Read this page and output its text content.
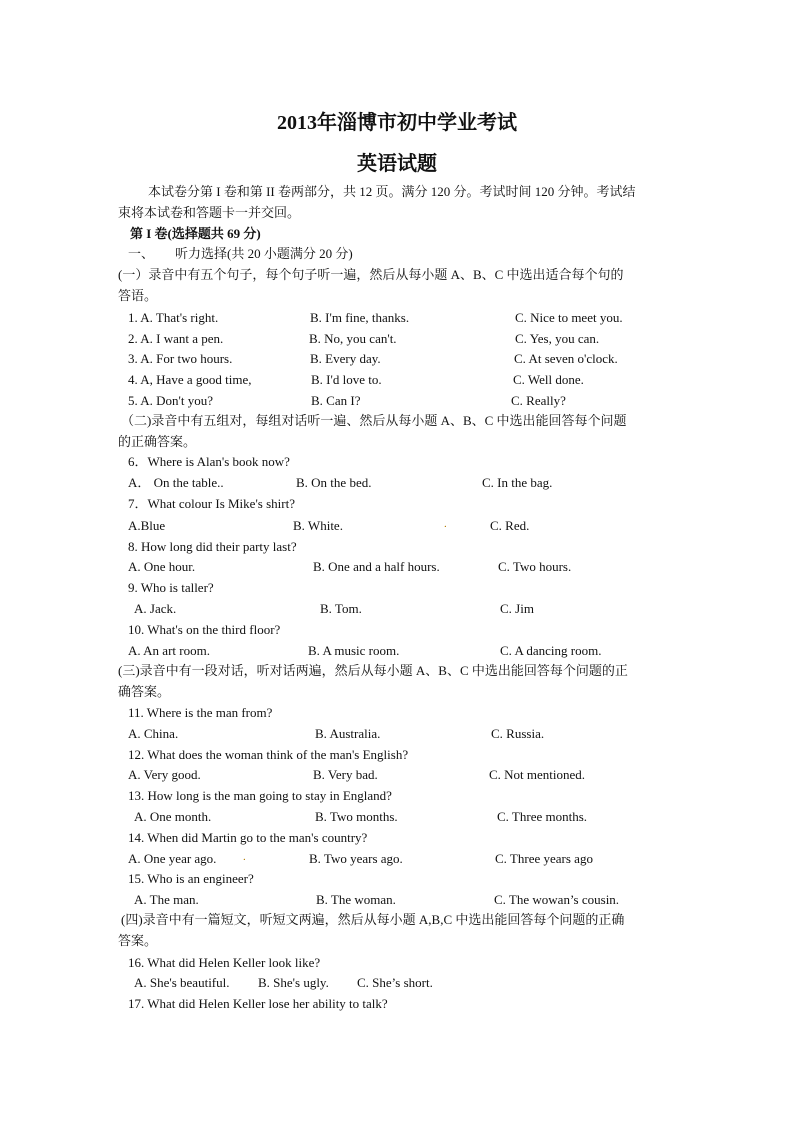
2013年淄博市初中学业考试
英语试题
本试卷分第 I 卷和第 II 卷两部分，共 12 页。满分 120 分。考试时间 120 分钟。考试结
束将本试卷和答题卡一并交回。
第 I 卷(选择题共 69 分)
一、 听力选择(共 20 小题满分 20 分)
(一）录音中有五个句子，每个句子听一遍，然后从每小题 A、B、C 中选出适合每个句的
答语。
1. A. That's right.	B. I'm fine, thanks.	C. Nice to meet you.
2. A. I want a pen.	B. No, you can't.	C. Yes, you can.
3. A. For two hours.	B. Every day.	C. At seven o'clock.
4. A, Have a good time,	B. I'd love to.	C. Well done.
5. A. Don't you?	B. Can I?	C. Really?
（二)录音中有五组对，每组对话听一遍、然后从每小题 A、B、C 中选出能回答每个问题
的正确答案。
6．Where is Alan's book now?
A． On the table..	B. On the bed.	C. In the bag.
7．What colour Is Mike's shirt?
A.Blue	B. White.	.	C. Red.
8. How long did their party last?
A. One hour.	B. One and a half hours.	C. Two hours.
9. Who is taller?
A. Jack.	B. Tom.	C. Jim
10. What's on the third floor?
A. An art room.	B. A music room.	C. A dancing room.
(三)录音中有一段对话，听对话两遍，然后从每小题 A、B、C 中选出能回答每个问题的正
确答案。
11. Where is the man from?
A. China.	B. Australia.	C. Russia.
12. What does the woman think of the man's English?
A. Very good.	B. Very bad.	C. Not mentioned.
13. How long is the man going to stay in England?
A. One month.	B. Two months.	C. Three months.
14. When did Martin go to the man's country?
A. One year ago. .	B. Two years ago.	C. Three years ago
15. Who is an engineer?
A. The man.	B. The woman.	C. The wowan’s cousin.
(四)录音中有一篇短文，听短文两遍，然后从每小题 A,B,C 中选出能回答每个问题的正确
答案。
16. What did Helen Keller look like?
A. She's beautiful. B. She's ugly. C. She’s short.
17. What did Helen Keller lose her ability to talk?
